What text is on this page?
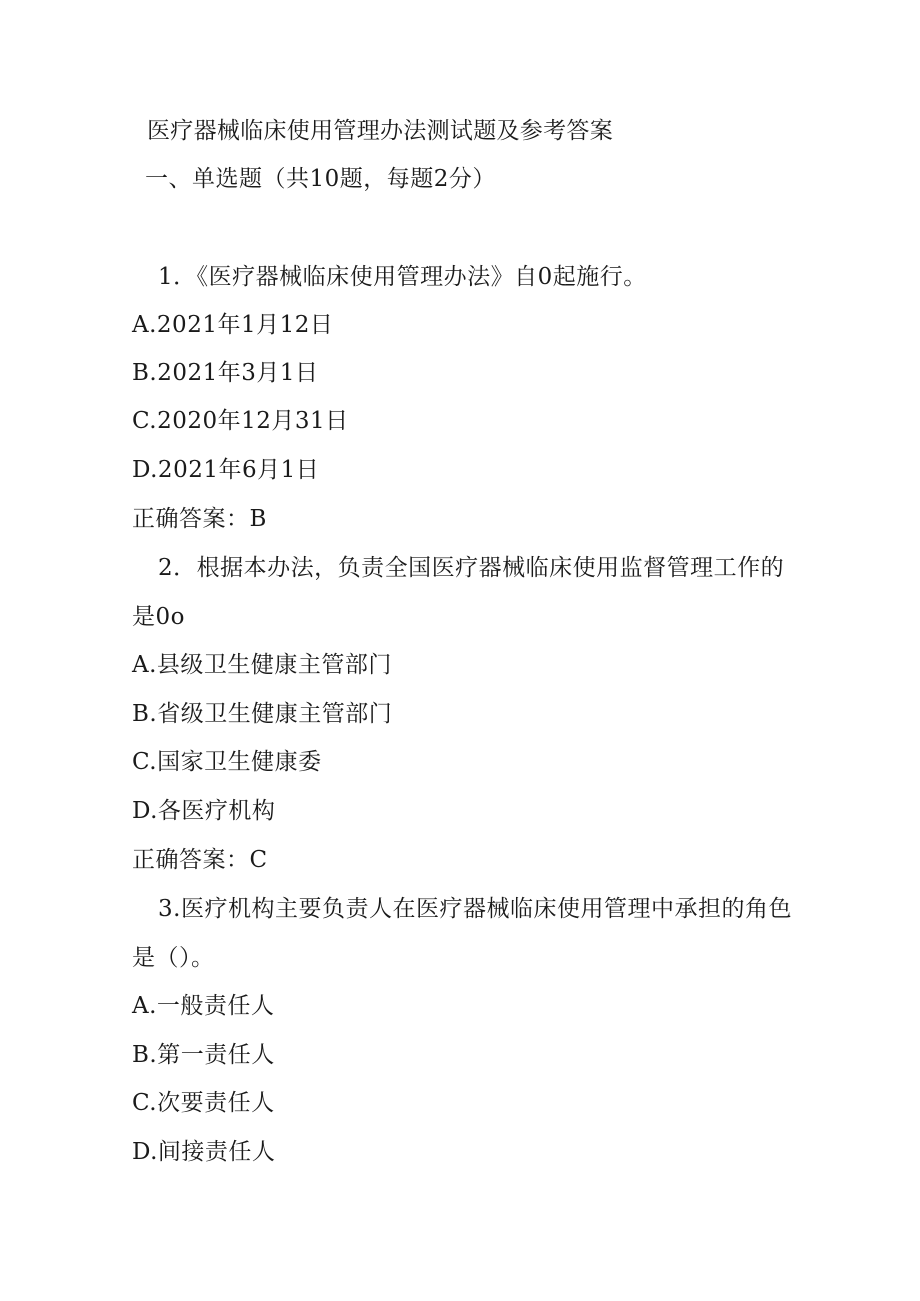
医疗器械临床使用管理办法测试题及参考答案
一、单选题（共10题，每题2分）
1．《医疗器械临床使用管理办法》自0起施行。
A.2021年1月12日
B.2021年3月1日
C.2020年12月31日
D.2021年6月1日
正确答案：B
2．根据本办法，负责全国医疗器械临床使用监督管理工作的
是0o
A.县级卫生健康主管部门
B.省级卫生健康主管部门
C.国家卫生健康委
D.各医疗机构
正确答案：C
3.医疗机构主要负责人在医疗器械临床使用管理中承担的角色
是（）。
A.一般责任人
B.第一责任人
C.次要责任人
D.间接责任人
